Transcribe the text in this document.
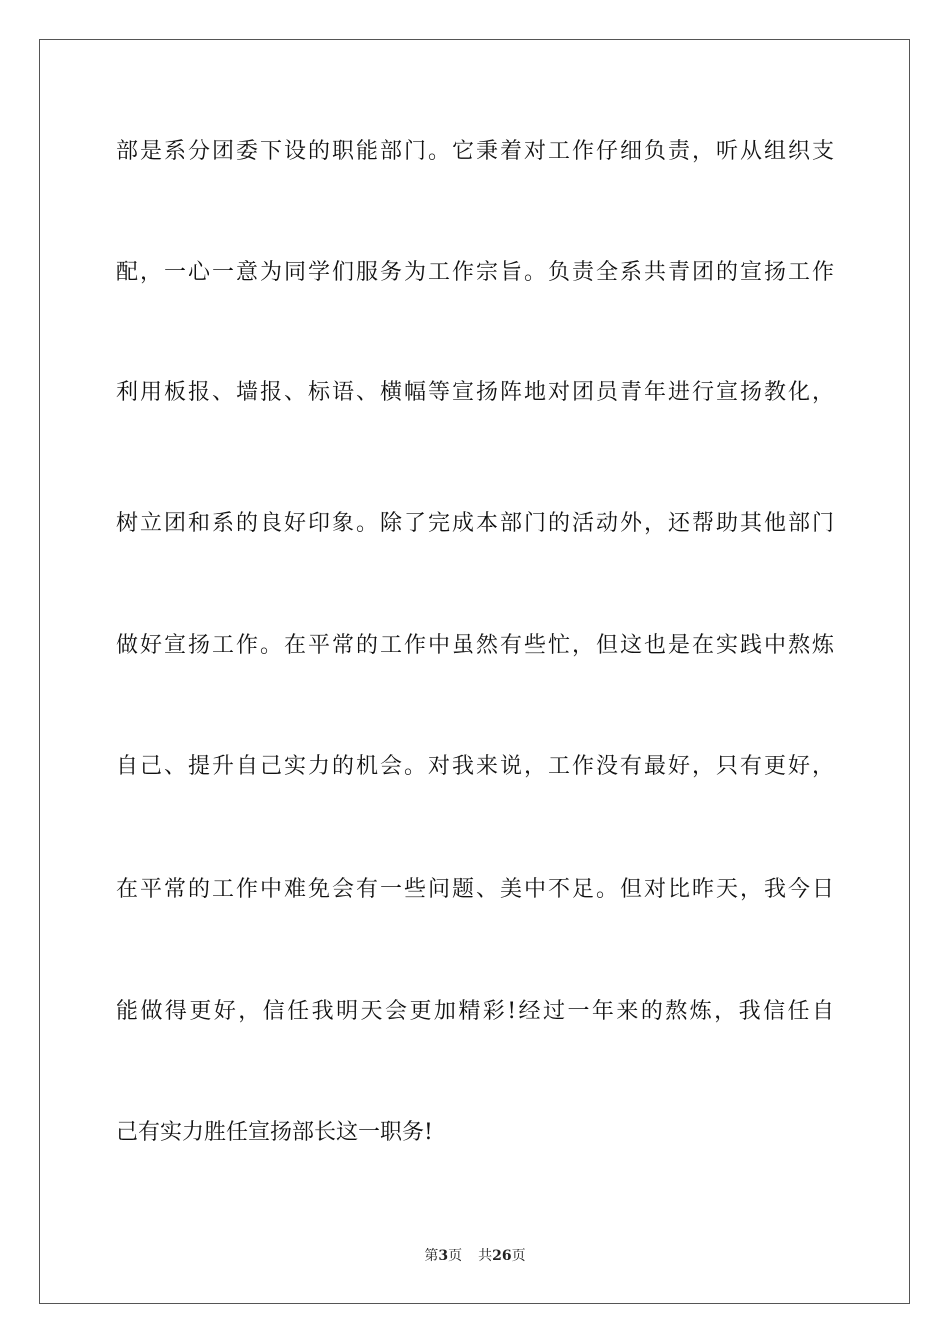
部是系分团委下设的职能部门。它秉着对工作仔细负责，听从组织支
配，一心一意为同学们服务为工作宗旨。负责全系共青团的宣扬工作
利用板报、墙报、标语、横幅等宣扬阵地对团员青年进行宣扬教化，
树立团和系的良好印象。除了完成本部门的活动外，还帮助其他部门
做好宣扬工作。在平常的工作中虽然有些忙，但这也是在实践中熬炼
自己、提升自己实力的机会。对我来说，工作没有最好，只有更好，
在平常的工作中难免会有一些问题、美中不足。但对比昨天，我今日
能做得更好，信任我明天会更加精彩!经过一年来的熬炼，我信任自
己有实力胜任宣扬部长这一职务!
第3页 共26页
